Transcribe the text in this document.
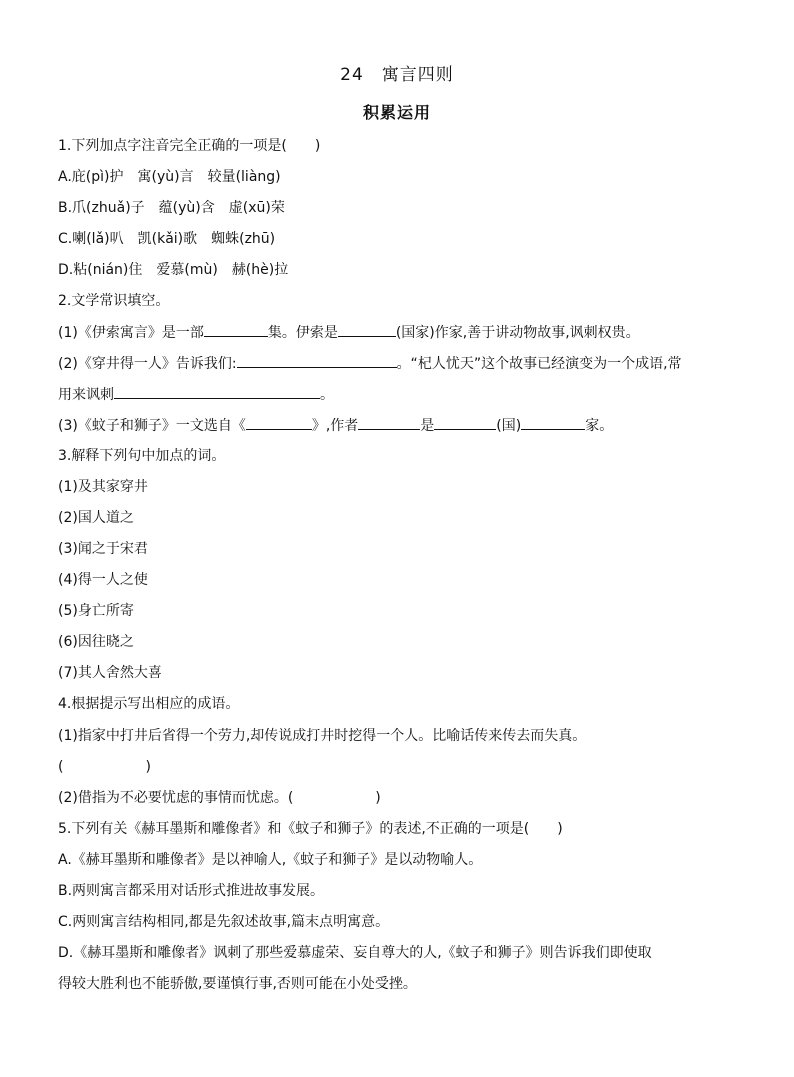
24 寓言四则
积累运用
1.下列加点字注音完全正确的一项是( )
A.庇(pì)护 寓(yù)言 较量(liàng)
B.爪(zhuǎ)子 蕴(yù)含 虚(xū)荣
C.喇(lǎ)叭 凯(kǎi)歌 蜘蛛(zhū)
D.粘(nián)住 爱慕(mù) 赫(hè)拉
2.文学常识填空。
(1)《伊索寓言》是一部	集。伊索是	(国家)作家,善于讲动物故事,讽刺权贵。
(2)《穿井得一人》告诉我们:	。“杞人忧天”这个故事已经演变为一个成语,常
用来讽刺	。
(3)《蚊子和狮子》一文选自《	》,作者	是	(国)	家。
3.解释下列句中加点的词。
(1)及其家穿井
(2)国人道之
(3)闻之于宋君
(4)得一人之使
(5)身亡所寄
(6)因往晓之
(7)其人舍然大喜
4.根据提示写出相应的成语。
(1)指家中打井后省得一个劳力,却传说成打井时挖得一个人。比喻话传来传去而失真。
(	)
(2)借指为不必要忧虑的事情而忧虑。(	)
5.下列有关《赫耳墨斯和雕像者》和《蚊子和狮子》的表述,不正确的一项是( )
A.《赫耳墨斯和雕像者》是以神喻人,《蚊子和狮子》是以动物喻人。
B.两则寓言都采用对话形式推进故事发展。
C.两则寓言结构相同,都是先叙述故事,篇末点明寓意。
D.《赫耳墨斯和雕像者》讽刺了那些爱慕虚荣、妄自尊大的人,《蚊子和狮子》则告诉我们即使取
得较大胜利也不能骄傲,要谨慎行事,否则可能在小处受挫。
